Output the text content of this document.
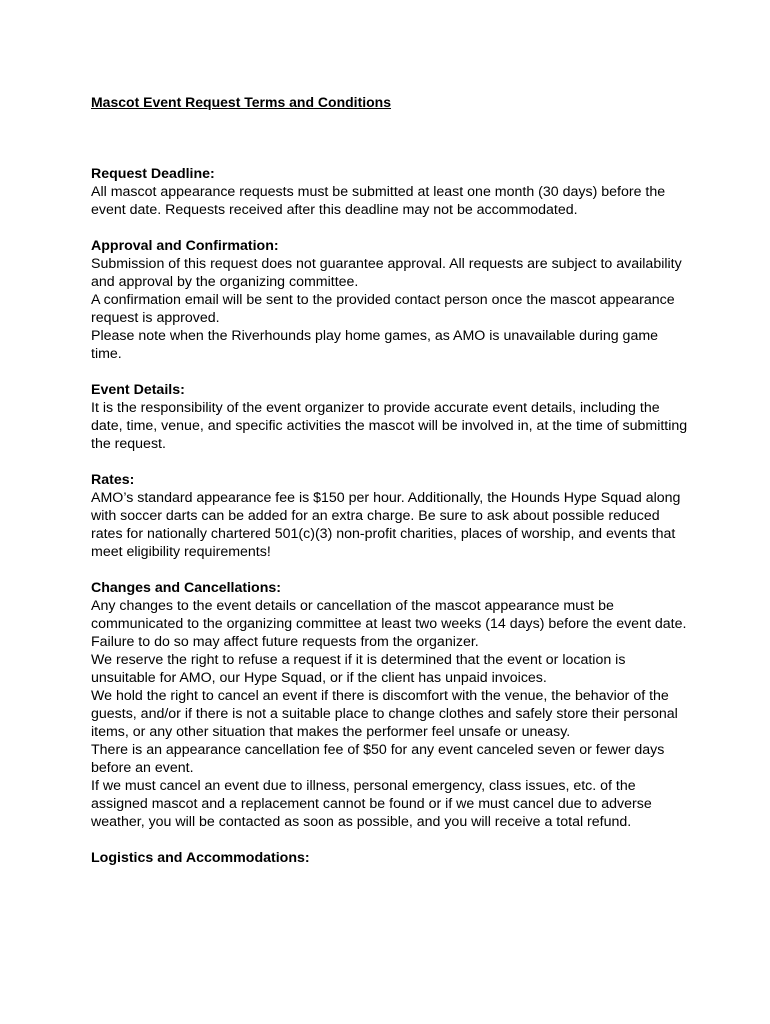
Mascot Event Request Terms and Conditions

Request Deadline:

All mascot appearance requests must be submitted at least one month (30 days) before the event date. Requests received after this deadline may not be accommodated.

Approval and Confirmation:

Submission of this request does not guarantee approval. All requests are subject to availability and approval by the organizing committee.

A confirmation email will be sent to the provided contact person once the mascot appearance request is approved.

Please note when the Riverhounds play home games, as AMO is unavailable during game time.

Event Details:

It is the responsibility of the event organizer to provide accurate event details, including the date, time, venue, and specific activities the mascot will be involved in, at the time of submitting the request.

Rates:

AMO’s standard appearance fee is $150 per hour. Additionally, the Hounds Hype Squad along with soccer darts can be added for an extra charge. Be sure to ask about possible reduced rates for nationally chartered 501(c)(3) non-profit charities, places of worship, and events that meet eligibility requirements!

Changes and Cancellations:

Any changes to the event details or cancellation of the mascot appearance must be communicated to the organizing committee at least two weeks (14 days) before the event date. Failure to do so may affect future requests from the organizer.

We reserve the right to refuse a request if it is determined that the event or location is unsuitable for AMO, our Hype Squad, or if the client has unpaid invoices.

We hold the right to cancel an event if there is discomfort with the venue, the behavior of the guests, and/or if there is not a suitable place to change clothes and safely store their personal items, or any other situation that makes the performer feel unsafe or uneasy.

There is an appearance cancellation fee of $50 for any event canceled seven or fewer days before an event.

If we must cancel an event due to illness, personal emergency, class issues, etc. of the assigned mascot and a replacement cannot be found or if we must cancel due to adverse weather, you will be contacted as soon as possible, and you will receive a total refund.

Logistics and Accommodations:
